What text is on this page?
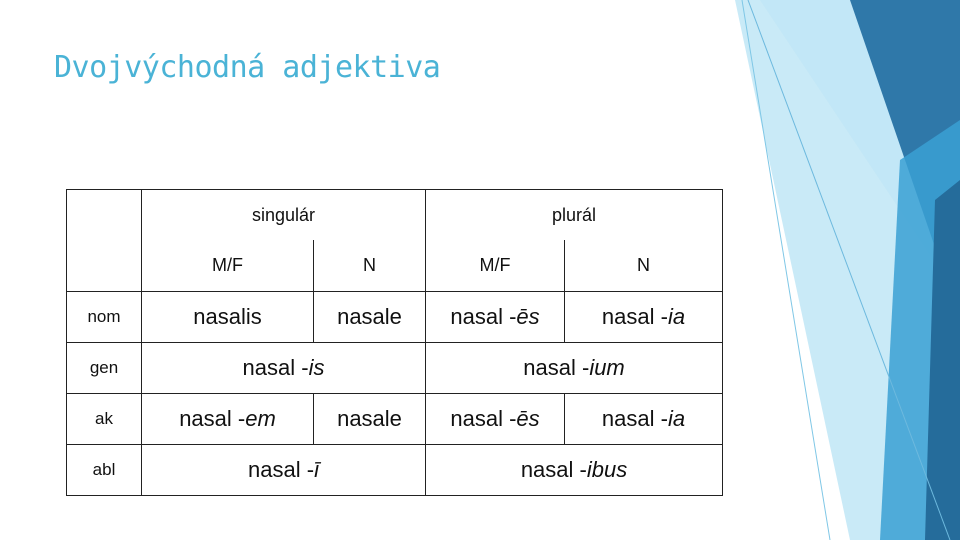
Dvojvýchodná adjektiva
	singulár		plurál	
	M/F	N	M/F	N
nom	nasalis	nasale	nasal -ēs	nasal -ia
gen	nasal -is		nasal -ium	
ak	nasal -em	nasale	nasal -ēs	nasal -ia
abl	nasal -ī		nasal -ibus	
